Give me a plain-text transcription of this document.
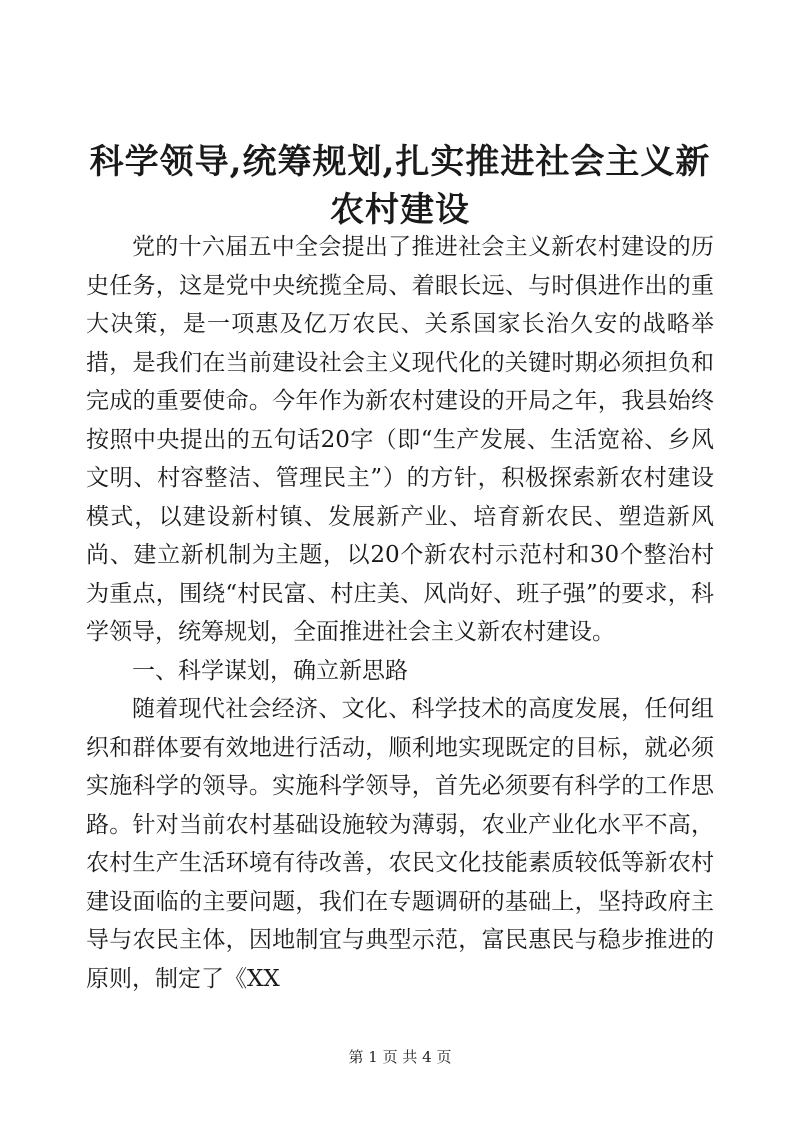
科学领导,统筹规划,扎实推进社会主义新农村建设

党的十六届五中全会提出了推进社会主义新农村建设的历史任务，这是党中央统揽全局、着眼长远、与时俱进作出的重大决策，是一项惠及亿万农民、关系国家长治久安的战略举措，是我们在当前建设社会主义现代化的关键时期必须担负和完成的重要使命。今年作为新农村建设的开局之年，我县始终按照中央提出的五句话20字（即“生产发展、生活宽裕、乡风文明、村容整洁、管理民主”）的方针，积极探索新农村建设模式，以建设新村镇、发展新产业、培育新农民、塑造新风尚、建立新机制为主题，以20个新农村示范村和30个整治村为重点，围绕“村民富、村庄美、风尚好、班子强”的要求，科学领导，统筹规划，全面推进社会主义新农村建设。

一、科学谋划，确立新思路

随着现代社会经济、文化、科学技术的高度发展，任何组织和群体要有效地进行活动，顺利地实现既定的目标，就必须实施科学的领导。实施科学领导，首先必须要有科学的工作思路。针对当前农村基础设施较为薄弱，农业产业化水平不高，农村生产生活环境有待改善，农民文化技能素质较低等新农村建设面临的主要问题，我们在专题调研的基础上，坚持政府主导与农民主体，因地制宜与典型示范，富民惠民与稳步推进的原则，制定了《XX

第 1 页 共 4 页
